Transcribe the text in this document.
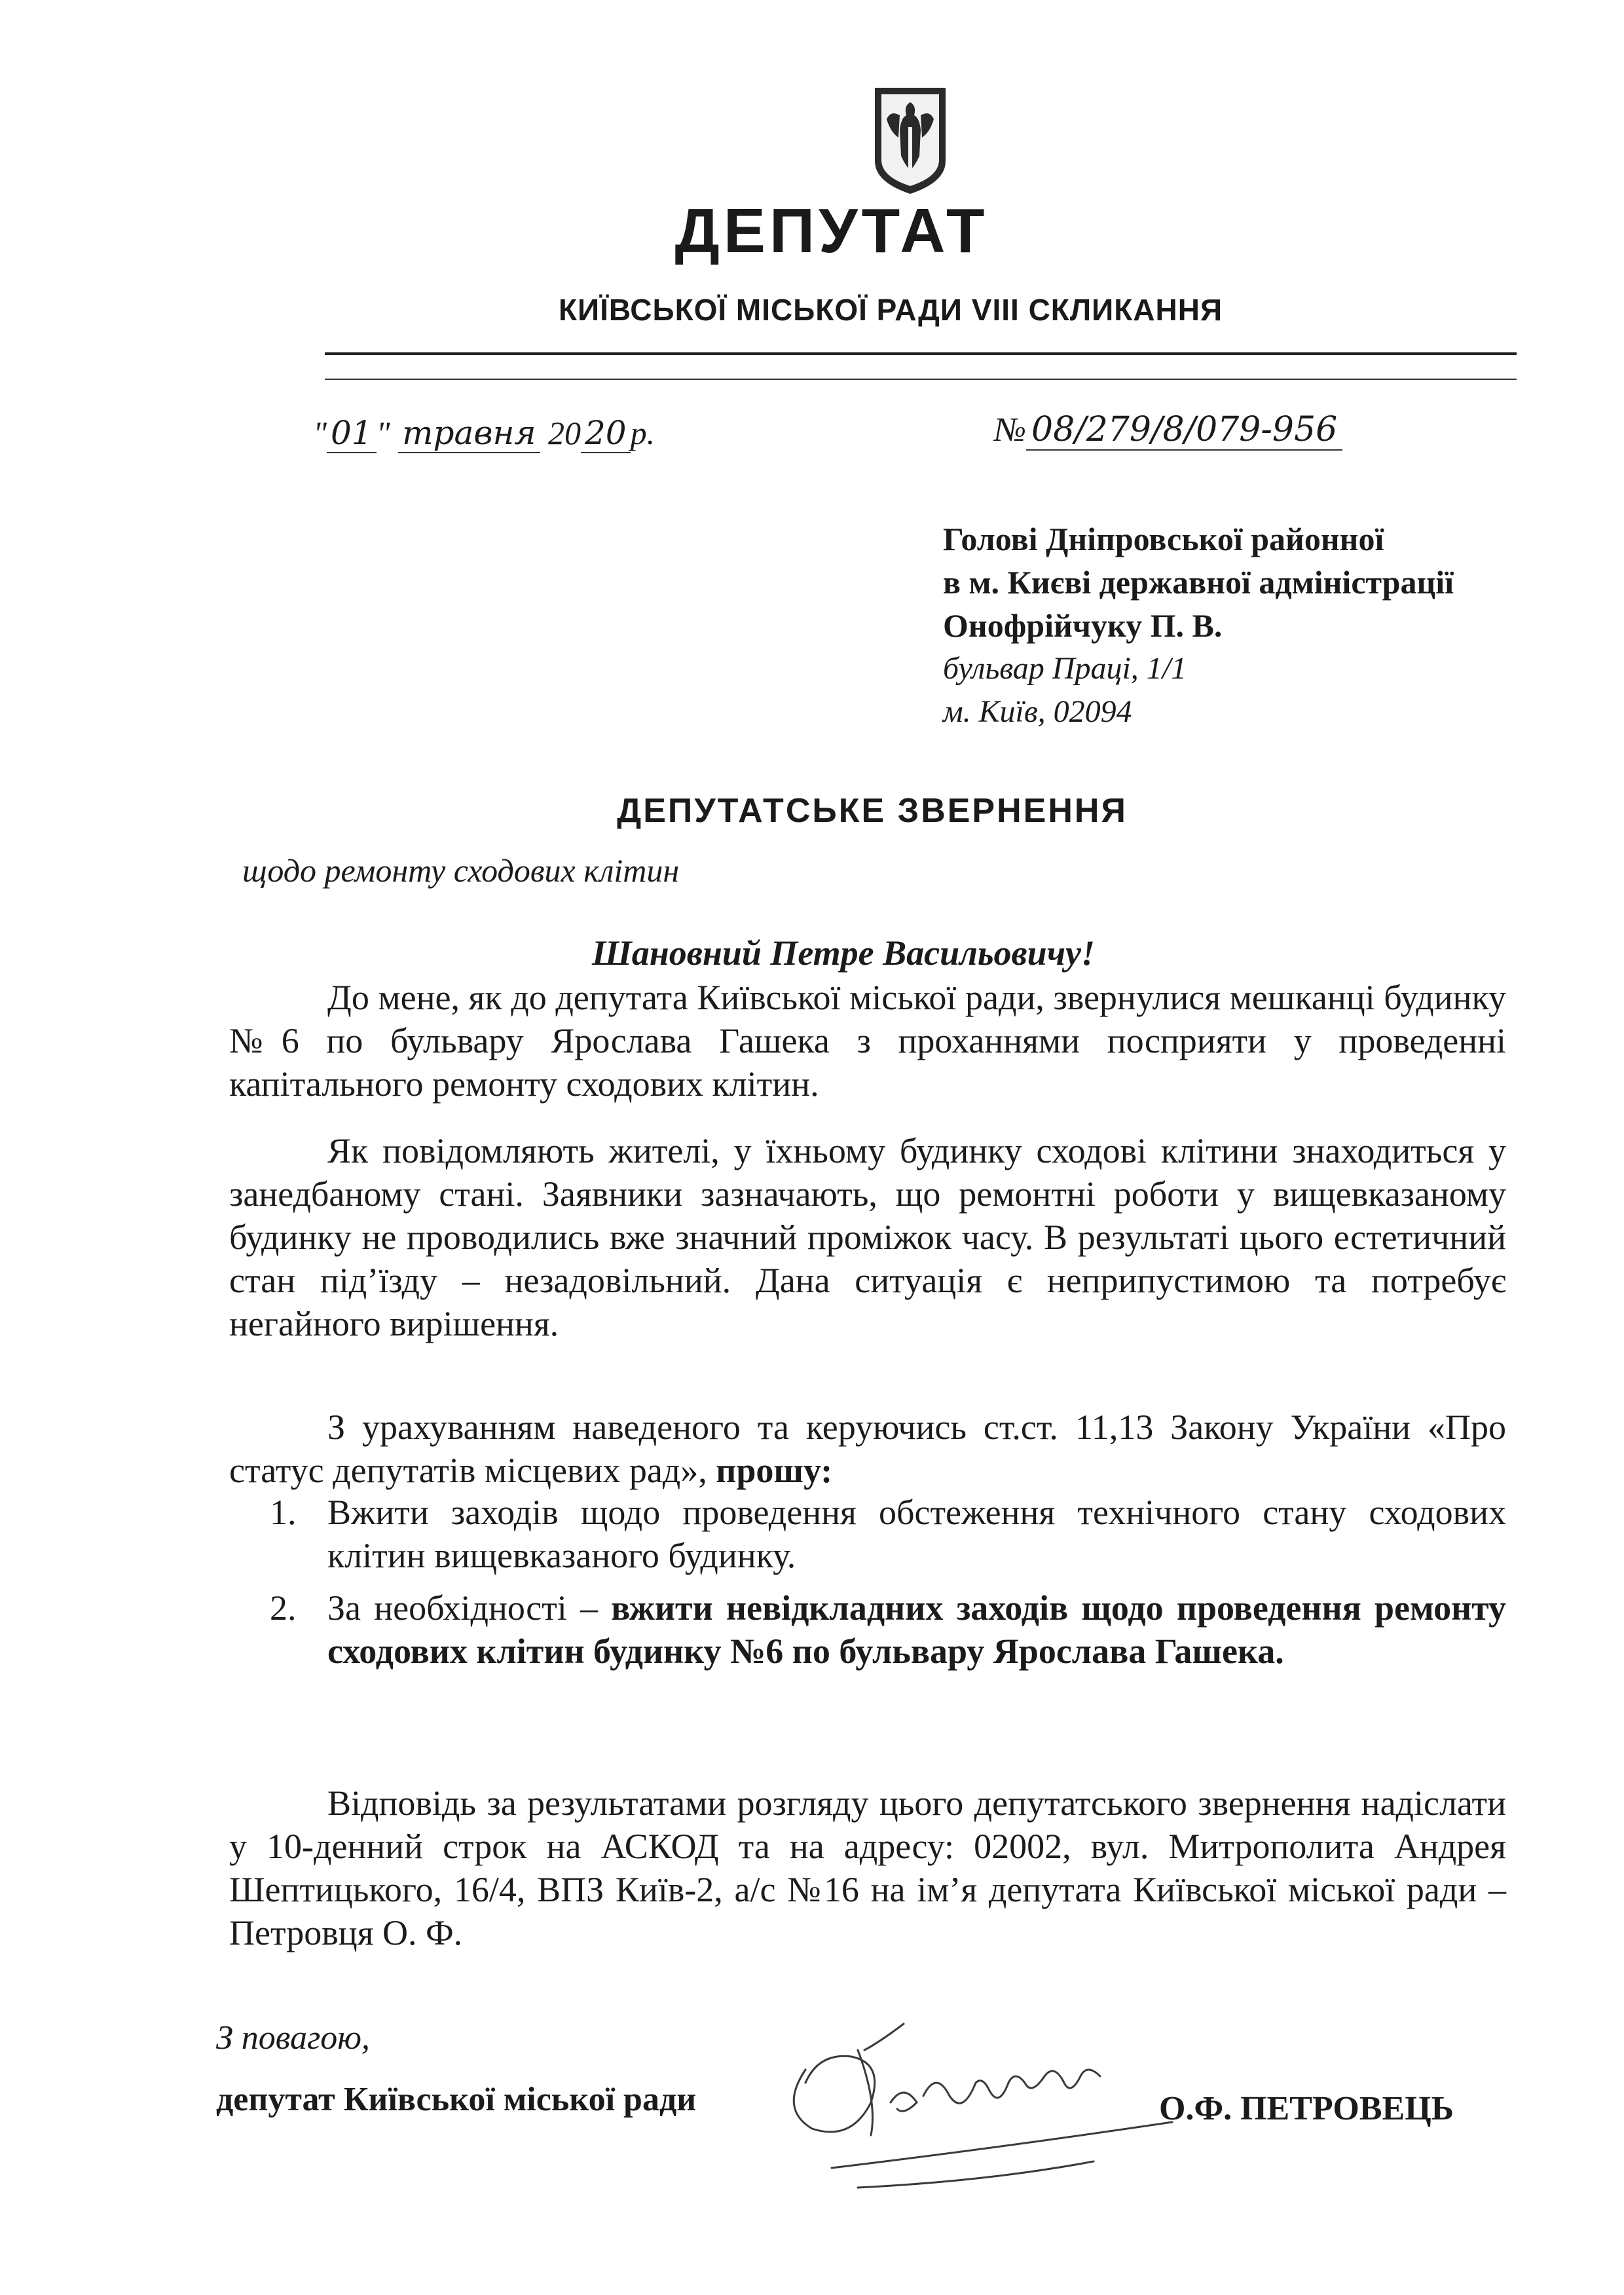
ДЕПУТАТ
КИЇВСЬКОЇ МІСЬКОЇ РАДИ VIII СКЛИКАННЯ
" 01 " травня 20 20 р.	№ 08/279/8/079-956
Голові Дніпровської районної
в м. Києві державної адміністрації
Онофрійчуку П. В.
бульвар Праці, 1/1
м. Київ, 02094
ДЕПУТАТСЬКЕ ЗВЕРНЕННЯ
щодо ремонту сходових клітин
Шановний Петре Васильовичу!
До мене, як до депутата Київської міської ради, звернулися мешканці будинку №6 по бульвару Ярослава Гашека з проханнями посприяти у проведенні капітального ремонту сходових клітин.
Як повідомляють жителі, у їхньому будинку сходові клітини знаходиться у занедбаному стані. Заявники зазначають, що ремонтні роботи у вищевказаному будинку не проводились вже значний проміжок часу. В результаті цього естетичний стан під’їзду – незадовільний. Дана ситуація є неприпустимою та потребує негайного вирішення.
З урахуванням наведеного та керуючись ст.ст. 11,13 Закону України «Про статус депутатів місцевих рад», прошу:
1. Вжити заходів щодо проведення обстеження технічного стану сходових клітин вищевказаного будинку.
2. За необхідності – вжити невідкладних заходів щодо проведення ремонту сходових клітин будинку №6 по бульвару Ярослава Гашека.
Відповідь за результатами розгляду цього депутатського звернення надіслати у 10-денний строк на АСКОД та на адресу: 02002, вул. Митрополита Андрея Шептицького, 16/4, ВПЗ Київ-2, а/с №16 на ім’я депутата Київської міської ради – Петровця О. Ф.
З повагою,
депутат Київської міської ради	О.Ф. ПЕТРОВЕЦЬ
